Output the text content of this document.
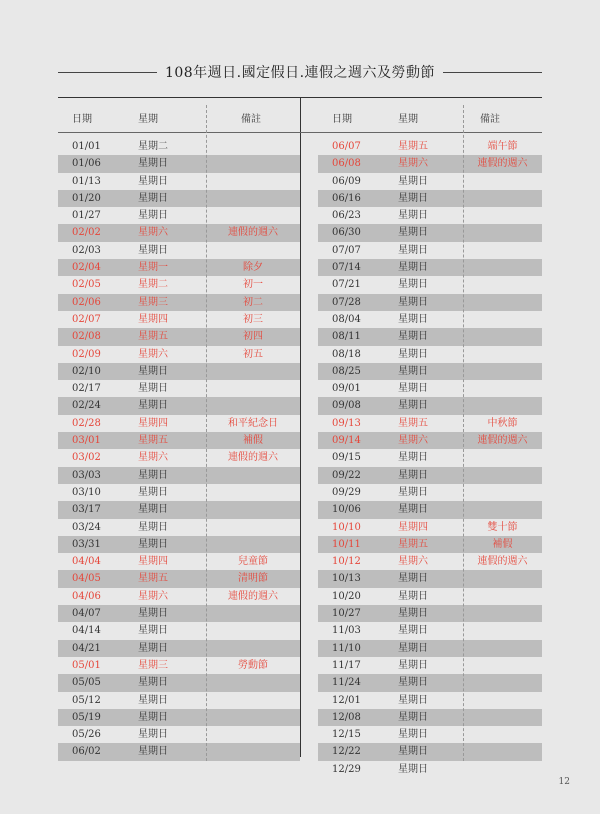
108年週日.國定假日.連假之週六及勞動節
日期	星期	備註
01/01	星期二
01/06	星期日
01/13	星期日
01/20	星期日
01/27	星期日
02/02	星期六	連假的週六
02/03	星期日
02/04	星期一	除夕
02/05	星期二	初一
02/06	星期三	初二
02/07	星期四	初三
02/08	星期五	初四
02/09	星期六	初五
02/10	星期日
02/17	星期日
02/24	星期日
02/28	星期四	和平紀念日
03/01	星期五	補假
03/02	星期六	連假的週六
03/03	星期日
03/10	星期日
03/17	星期日
03/24	星期日
03/31	星期日
04/04	星期四	兒童節
04/05	星期五	清明節
04/06	星期六	連假的週六
04/07	星期日
04/14	星期日
04/21	星期日
05/01	星期三	勞動節
05/05	星期日
05/12	星期日
05/19	星期日
05/26	星期日
06/02	星期日
日期	星期	備註
06/07	星期五	端午節
06/08	星期六	連假的週六
06/09	星期日
06/16	星期日
06/23	星期日
06/30	星期日
07/07	星期日
07/14	星期日
07/21	星期日
07/28	星期日
08/04	星期日
08/11	星期日
08/18	星期日
08/25	星期日
09/01	星期日
09/08	星期日
09/13	星期五	中秋節
09/14	星期六	連假的週六
09/15	星期日
09/22	星期日
09/29	星期日
10/06	星期日
10/10	星期四	雙十節
10/11	星期五	補假
10/12	星期六	連假的週六
10/13	星期日
10/20	星期日
10/27	星期日
11/03	星期日
11/10	星期日
11/17	星期日
11/24	星期日
12/01	星期日
12/08	星期日
12/15	星期日
12/22	星期日
12/29	星期日
12
